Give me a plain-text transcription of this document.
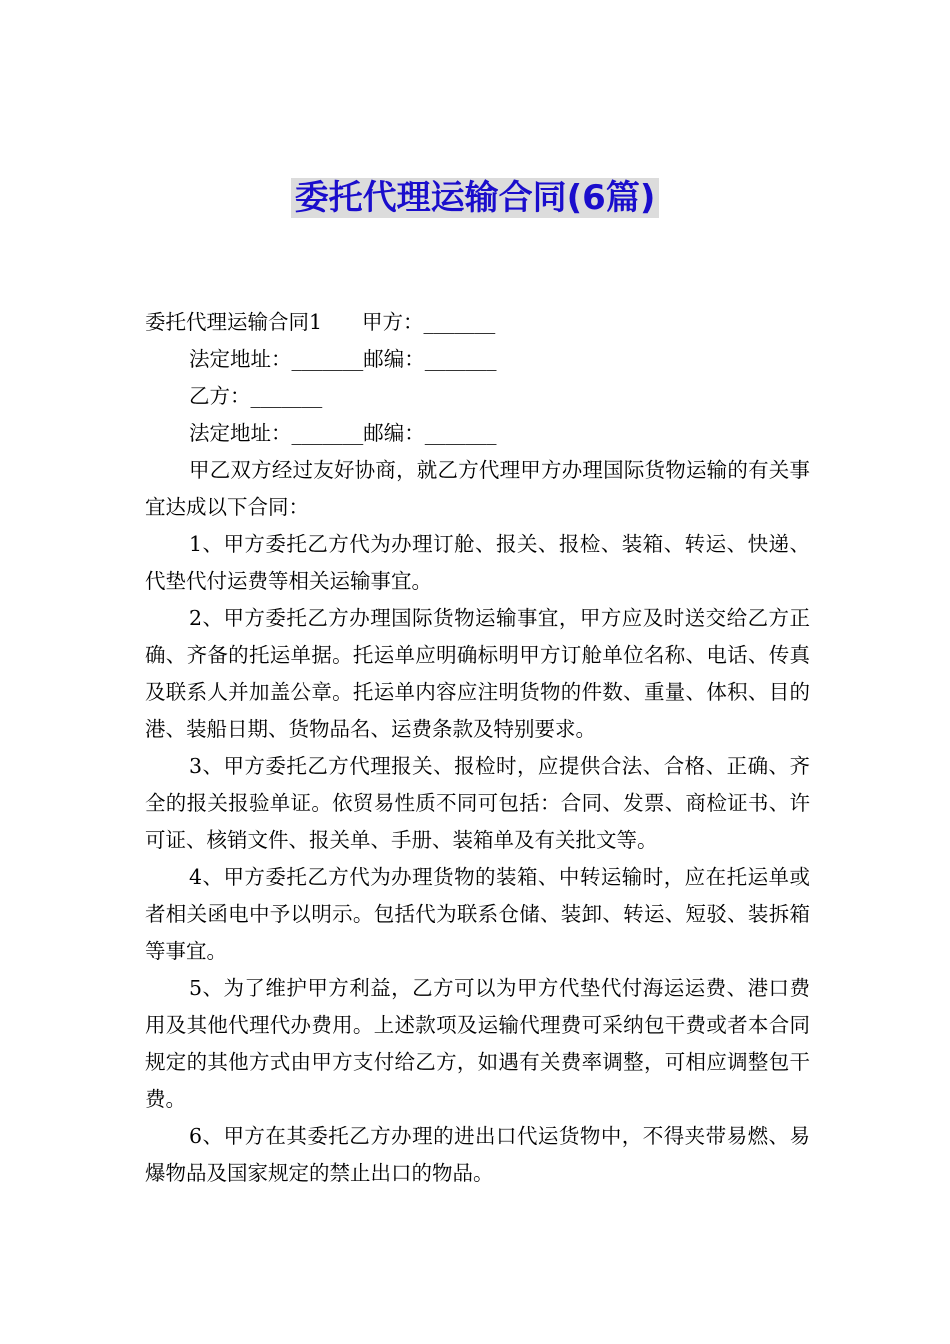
委托代理运输合同(6篇)
委托代理运输合同1 甲方：_______
法定地址：_______邮编：_______
乙方：_______
法定地址：_______邮编：_______
甲乙双方经过友好协商，就乙方代理甲方办理国际货物运输的有关事宜达成以下合同：
1、甲方委托乙方代为办理订舱、报关、报检、装箱、转运、快递、代垫代付运费等相关运输事宜。
2、甲方委托乙方办理国际货物运输事宜，甲方应及时送交给乙方正确、齐备的托运单据。托运单应明确标明甲方订舱单位名称、电话、传真及联系人并加盖公章。托运单内容应注明货物的件数、重量、体积、目的港、装船日期、货物品名、运费条款及特别要求。
3、甲方委托乙方代理报关、报检时，应提供合法、合格、正确、齐全的报关报验单证。依贸易性质不同可包括：合同、发票、商检证书、许可证、核销文件、报关单、手册、装箱单及有关批文等。
4、甲方委托乙方代为办理货物的装箱、中转运输时，应在托运单或者相关函电中予以明示。包括代为联系仓储、装卸、转运、短驳、装拆箱等事宜。
5、为了维护甲方利益，乙方可以为甲方代垫代付海运运费、港口费用及其他代理代办费用。上述款项及运输代理费可采纳包干费或者本合同规定的其他方式由甲方支付给乙方，如遇有关费率调整，可相应调整包干费。
6、甲方在其委托乙方办理的进出口代运货物中，不得夹带易燃、易爆物品及国家规定的禁止出口的物品。
